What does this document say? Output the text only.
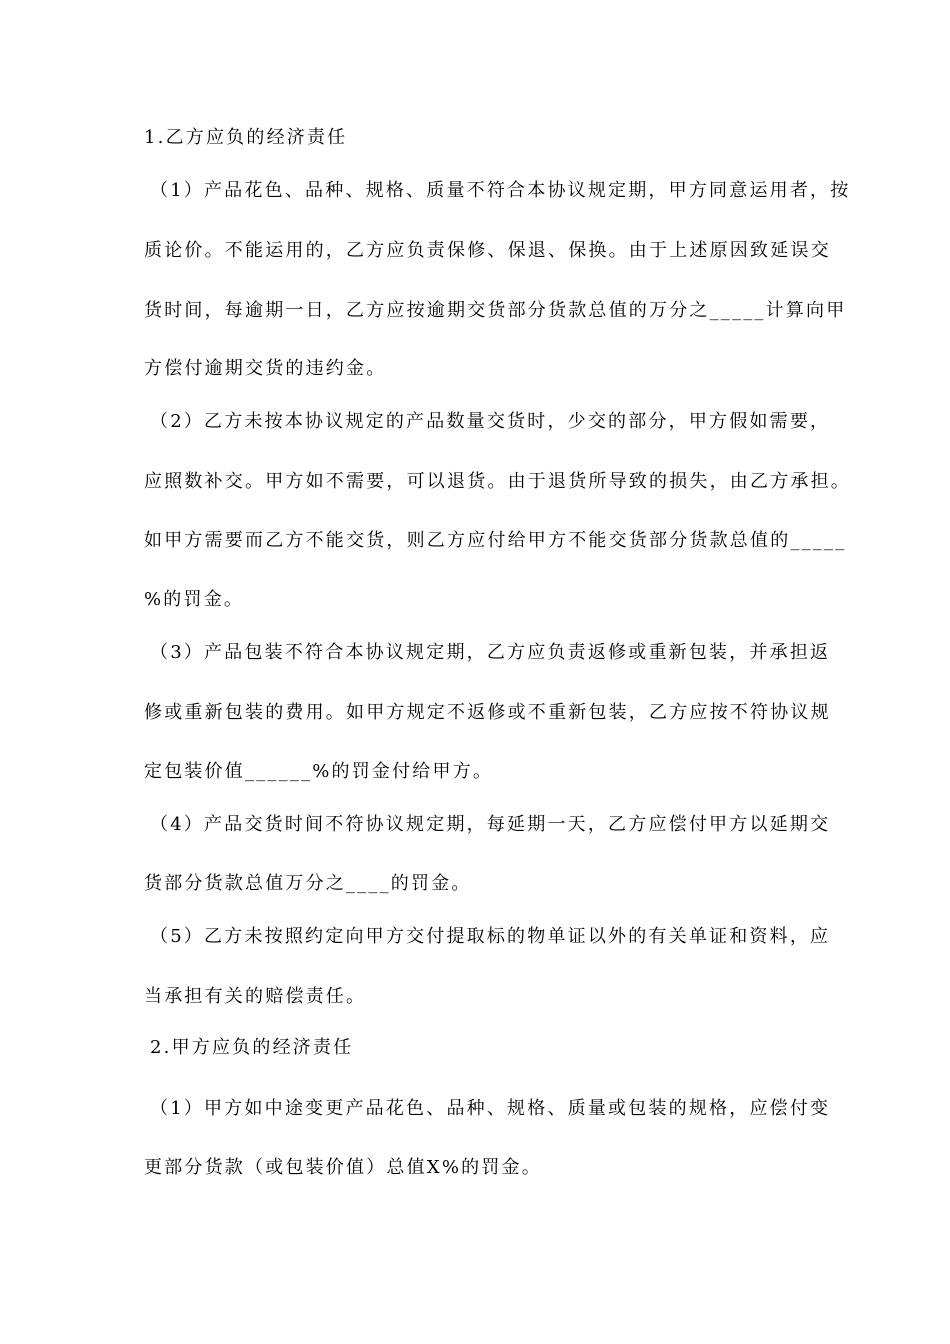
1.乙方应负的经济责任
（1）产品花色、品种、规格、质量不符合本协议规定期，甲方同意运用者，按
质论价。不能运用的，乙方应负责保修、保退、保换。由于上述原因致延误交
货时间，每逾期一日，乙方应按逾期交货部分货款总值的万分之_____计算向甲
方偿付逾期交货的违约金。
（2）乙方未按本协议规定的产品数量交货时，少交的部分，甲方假如需要，
应照数补交。甲方如不需要，可以退货。由于退货所导致的损失，由乙方承担。
如甲方需要而乙方不能交货，则乙方应付给甲方不能交货部分货款总值的_____
%的罚金。
（3）产品包装不符合本协议规定期，乙方应负责返修或重新包装，并承担返
修或重新包装的费用。如甲方规定不返修或不重新包装，乙方应按不符协议规
定包装价值______%的罚金付给甲方。
（4）产品交货时间不符协议规定期，每延期一天，乙方应偿付甲方以延期交
货部分货款总值万分之____的罚金。
（5）乙方未按照约定向甲方交付提取标的物单证以外的有关单证和资料，应
当承担有关的赔偿责任。
2.甲方应负的经济责任
（1）甲方如中途变更产品花色、品种、规格、质量或包装的规格，应偿付变
更部分货款（或包装价值）总值X%的罚金。
